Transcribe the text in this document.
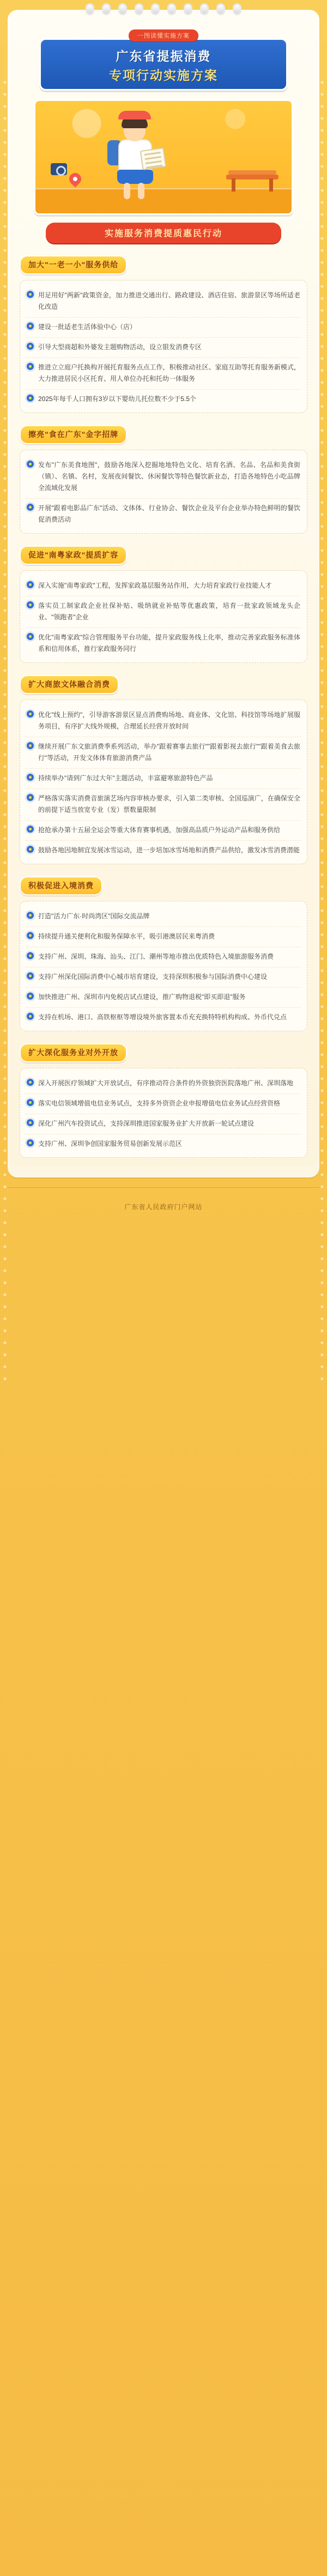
一图读懂实施方案
广东省提振消费
专项行动实施方案
实施服务消费提质惠民行动
加大"一老一小"服务供给
用足用好"两新"政策资金，加力推进交通出行、路政建设、酒店住宿、旅游景区等场所适老化改造
建设一批适老生活体验中心（店）
引导大型商超和外婆发主题购物活动，设立银发消费专区
推进立立庭户托换构开展托育服务点点工作，积极推动社区、家庭互助等托育服务新模式，大力推进居民小区托育、用人单位办托和托幼一体服务
2025年每千人口拥有3岁以下婴幼儿托位数不少于5.5个
擦亮"食在广东"金字招牌
发布"广东美食地图"，鼓励各地深入挖掘地地特色文化、培育名酒、名品、名品和美食街（镇）、名镇、名村，发展夜间餐饮、休闲餐饮等特色餐饮新业态，打造各地特色小吃品牌全流域化发展
开展"跟着电影品广东"活动、文体体、行业协会、餐饮企业及平台企业举办特色鲜明的餐饮促消费活动
促进"南粤家政"提质扩容
深入实施"南粤家政"工程，发挥家政基层服务站作用，大力培育家政行业技能人才
落实员工制家政企业社保补贴、吸纳就业补贴等优惠政策，培育一批家政领域龙头企业、"领跑者"企业
优化"南粤家政"综合管理服务平台功能，提升家政服务线上化率，推动完善家政服务标准体系和信用体系，推行家政服务同行
扩大商旅文体融合消费
优化"线上预约"，引导游客游景区显点消费购场地、商业体、文化馆、科技馆等场地扩展服务项目，有序扩大线外规模，合理延长经营开放时间
继续开展广东文旅消费季系列活动，举办"跟着赛事去旅行""跟着影视去旅行""跟着美食去旅行"等活动，开发文体体育旅游消费产品
持续举办"请到广东过大年"主题活动，丰富避寒旅游特色产品
严格落实落实消费音旅演艺场内容审核办要求，引入第二类审核、全国巡演广，在确保安全的前提下适当放宽专业（发）票数量限制
抢抢承办第十五届全运会等重大体育赛事机遇，加强高品质户外运动产品和服务供给
鼓励各地因地制宜发展冰雪运动，进一步培加冰雪场地和消费产品供给，激发冰雪消费潜能
积极促进入境消费
打造"活力广东·时尚湾区"国际交流品牌
持续提升通关便利化和服务保障水平，吸引港澳居民来粤消费
支持广州、深圳、珠海、汕头、江门、潮州等地市推出优质特色入境旅游服务消费
支持广州深化国际消费中心城市培育建设，支持深圳积极参与国际消费中心建设
加快推进广州、深圳市内免税店试点建设，推广购物退税"即买即退"服务
支持在机场、港口、高铁枢枢等增设境外旅客置本币充充换特特机构构成、外币代兑点
扩大深化服务业对外开放
深入开展医疗领域扩大开放试点，有序推动符合条件的外资独资医院落地广州、深圳落地
落实电信领域增值电信业务试点，支持多外资资企业申报增值电信业务试点经营资格
深化广州汽车投资试点，支持深圳推进国家服务业扩大开放新一轮试点建设
支持广州、深圳争创国家服务贸易创新发展示范区
广东省人民政府门户网站
